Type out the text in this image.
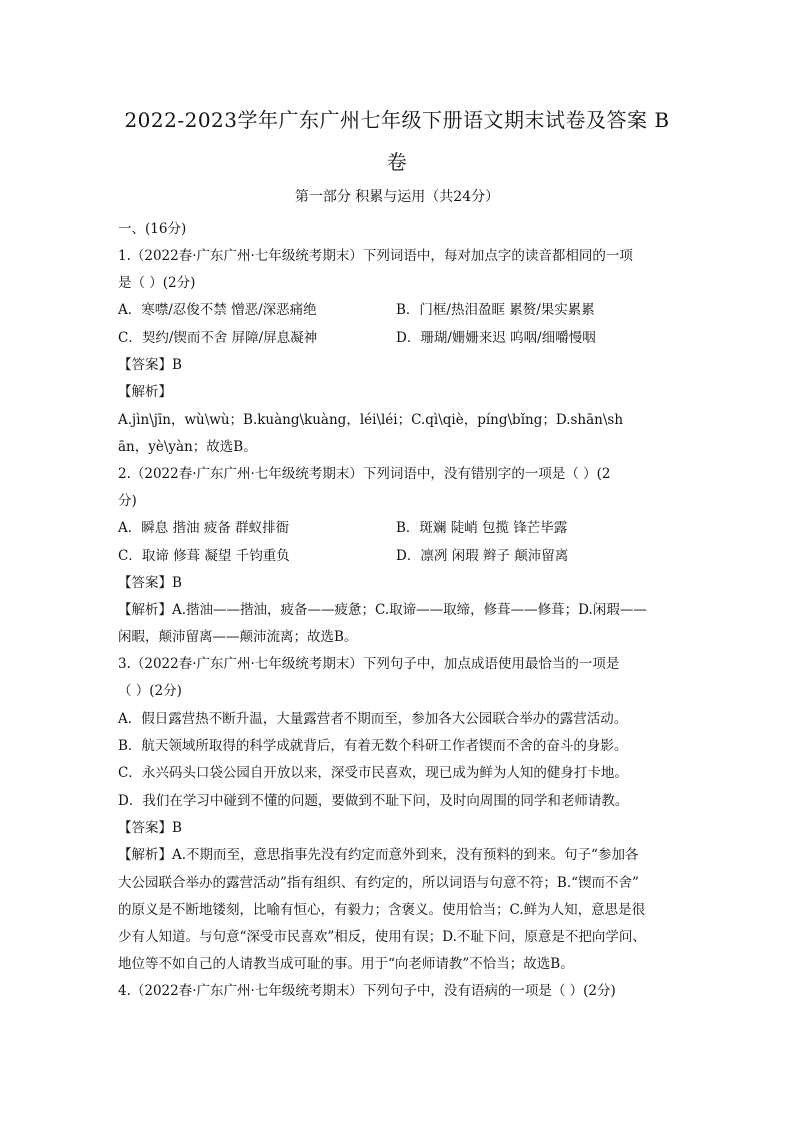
2022-2023学年广东广州七年级下册语文期末试卷及答案 B
卷
第一部分 积累与运用（共24分）
一、(16分)
1.（2022春·广东广州·七年级统考期末）下列词语中，每对加点字的读音都相同的一项
是（ ）(2分)
A．寒噤/忍俊不禁 憎恶/深恶痛绝	B．门框/热泪盈眶 累赘/果实累累
C．契约/锲而不舍 屏障/屏息凝神	D．珊瑚/姗姗来迟 呜咽/细嚼慢咽
【答案】B
【解析】
A.jìn\jīn，wù\wù；B.kuàng\kuàng，léi\léi；C.qì\qiè，píng\bǐng；D.shān\sh
ān，yè\yàn；故选B。
2.（2022春·广东广州·七年级统考期末）下列词语中，没有错别字的一项是（ ）(2
分)
A．瞬息 揩油 疲备 群蚁排衙	B．斑斓 陡峭 包揽 锋芒毕露
C．取谛 修葺 凝望 千钧重负	D．凛冽 闲瑕 辫子 颠沛留离
【答案】B
【解析】A.揩油——揩油，疲备——疲惫；C.取谛——取缔，修葺——修葺；D.闲瑕——
闲暇，颠沛留离——颠沛流离；故选B。
3.（2022春·广东广州·七年级统考期末）下列句子中，加点成语使用最恰当的一项是
（ ）(2分)
A．假日露营热不断升温，大量露营者不期而至，参加各大公园联合举办的露营活动。
B．航天领域所取得的科学成就背后，有着无数个科研工作者锲而不舍的奋斗的身影。
C．永兴码头口袋公园自开放以来，深受市民喜欢，现已成为鲜为人知的健身打卡地。
D．我们在学习中碰到不懂的问题，要做到不耻下问，及时向周围的同学和老师请教。
【答案】B
【解析】A.不期而至，意思指事先没有约定而意外到来，没有预料的到来。句子“参加各
大公园联合举办的露营活动”指有组织、有约定的，所以词语与句意不符；B.“锲而不舍”
的原义是不断地镂刻，比喻有恒心，有毅力；含褒义。使用恰当；C.鲜为人知，意思是很
少有人知道。与句意“深受市民喜欢”相反，使用有误；D.不耻下问，原意是不把向学问、
地位等不如自己的人请教当成可耻的事。用于“向老师请教”不恰当；故选B。
4.（2022春·广东广州·七年级统考期末）下列句子中，没有语病的一项是（ ）(2分)
